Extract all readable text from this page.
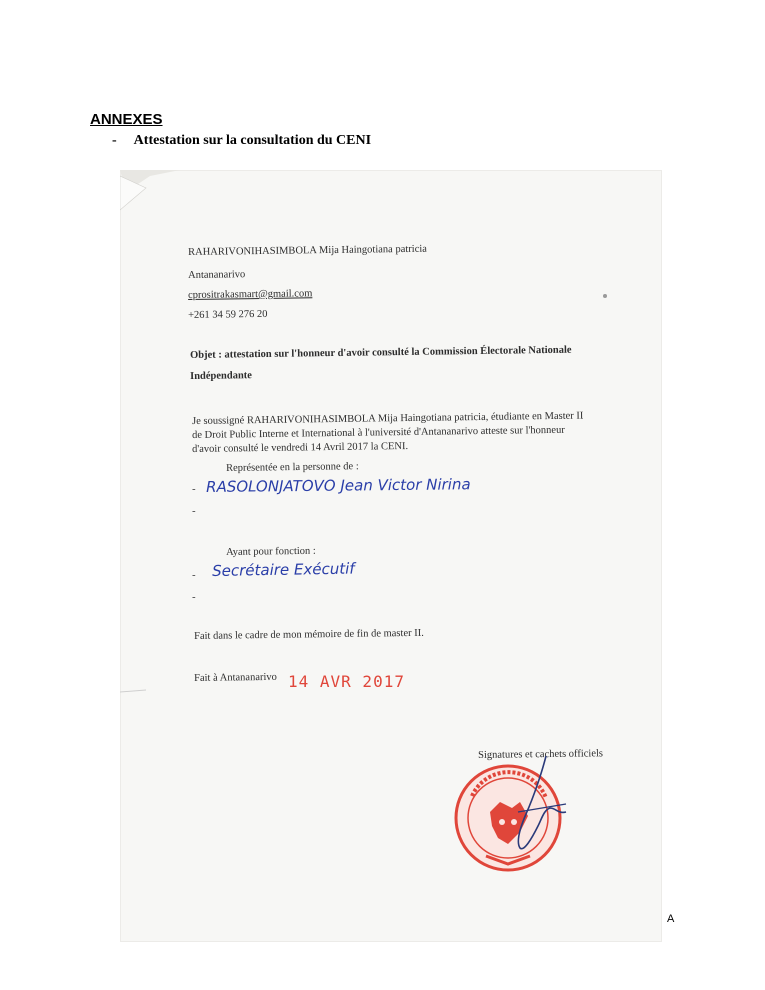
ANNEXES
- Attestation sur la consultation du CENI
RAHARIVONIHASIMBOLA Mija Haingotiana patricia
Antananarivo
cprositrakasmart@gmail.com
+261 34 59 276 20
Objet : attestation sur l'honneur d'avoir consulté la Commission Électorale Nationale
Indépendante
Je soussigné RAHARIVONIHASIMBOLA Mija Haingotiana patricia, étudiante en Master II
de Droit Public Interne et International à l'université d'Antananarivo atteste sur l'honneur
d'avoir consulté le vendredi 14 Avril 2017 la CENI.
Représentée en la personne de :
- RASOLONJATOVO Jean Victor Nirina
-
Ayant pour fonction :
- Secrétaire Exécutif
-
Fait dans le cadre de mon mémoire de fin de master II.
Fait à Antananarivo 14 AVR 2017
Signatures et cachets officiels
A
